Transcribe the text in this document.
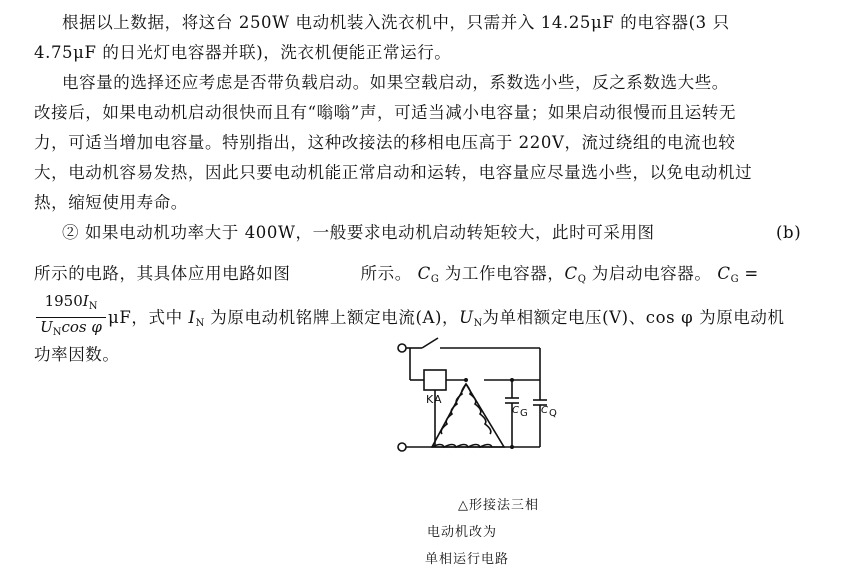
根据以上数据，将这台 250W 电动机装入洗衣机中，只需并入 14.25μF 的电容器(3 只
4.75μF 的日光灯电容器并联)，洗衣机便能正常运行。
电容量的选择还应考虑是否带负载启动。如果空载启动，系数选小些，反之系数选大些。
改接后，如果电动机启动很快而且有“嗡嗡”声，可适当减小电容量；如果启动很慢而且运转无
力，可适当增加电容量。特别指出，这种改接法的移相电压高于 220V，流过绕组的电流也较
大，电动机容易发热，因此只要电动机能正常启动和运转，电容量应尽量选小些，以免电动机过
热，缩短使用寿命。
② 如果电动机功率大于 400W，一般要求电动机启动转矩较大，此时可采用图	(b)
所示的电路，其具体应用电路如图	所示。 $C_G$ 为工作电容器，$C_Q$ 为启动电容器。 $C_G$ =
$\frac{1950I_N}{U_N\cos \varphi}$ μF，式中 $I_N$ 为原电动机铭牌上额定电流(A)，$U_N$为单相额定电压(V)、cos φ 为原电动机
功率因数。
KA
CG CQ
△形接法三相
电动机改为
单相运行电路
